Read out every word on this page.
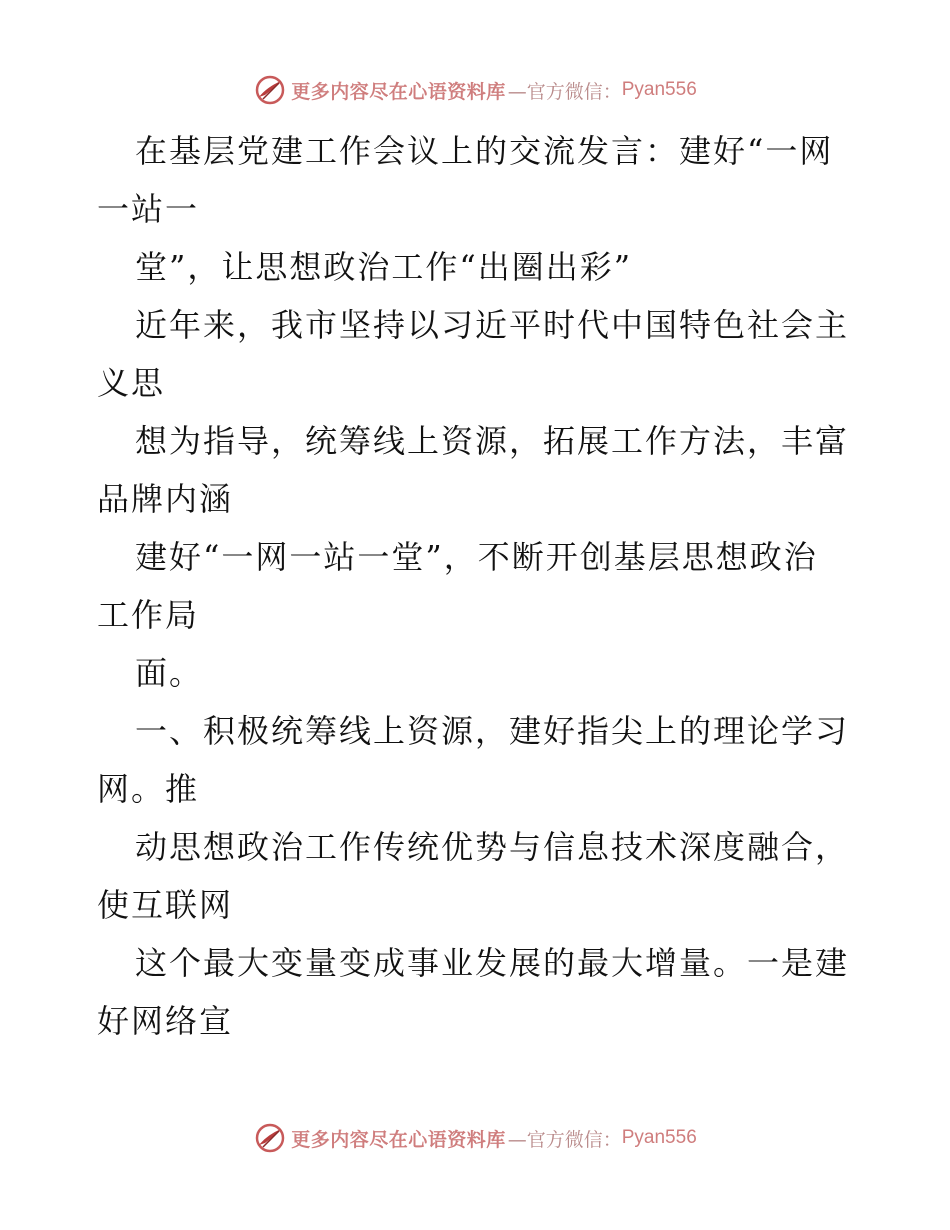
更多内容尽在心语资料库 —官方微信： Pyan556
在基层党建工作会议上的交流发言：建好“一网
一站一
堂”，让思想政治工作“出圈出彩”
近年来，我市坚持以习近平时代中国特色社会主
义思
想为指导，统筹线上资源，拓展工作方法，丰富
品牌内涵
建好“一网一站一堂”，不断开创基层思想政治
工作局
面。
一、积极统筹线上资源，建好指尖上的理论学习
网。推
动思想政治工作传统优势与信息技术深度融合，
使互联网
这个最大变量变成事业发展的最大增量。一是建
好网络宣
更多内容尽在心语资料库 —官方微信： Pyan556
